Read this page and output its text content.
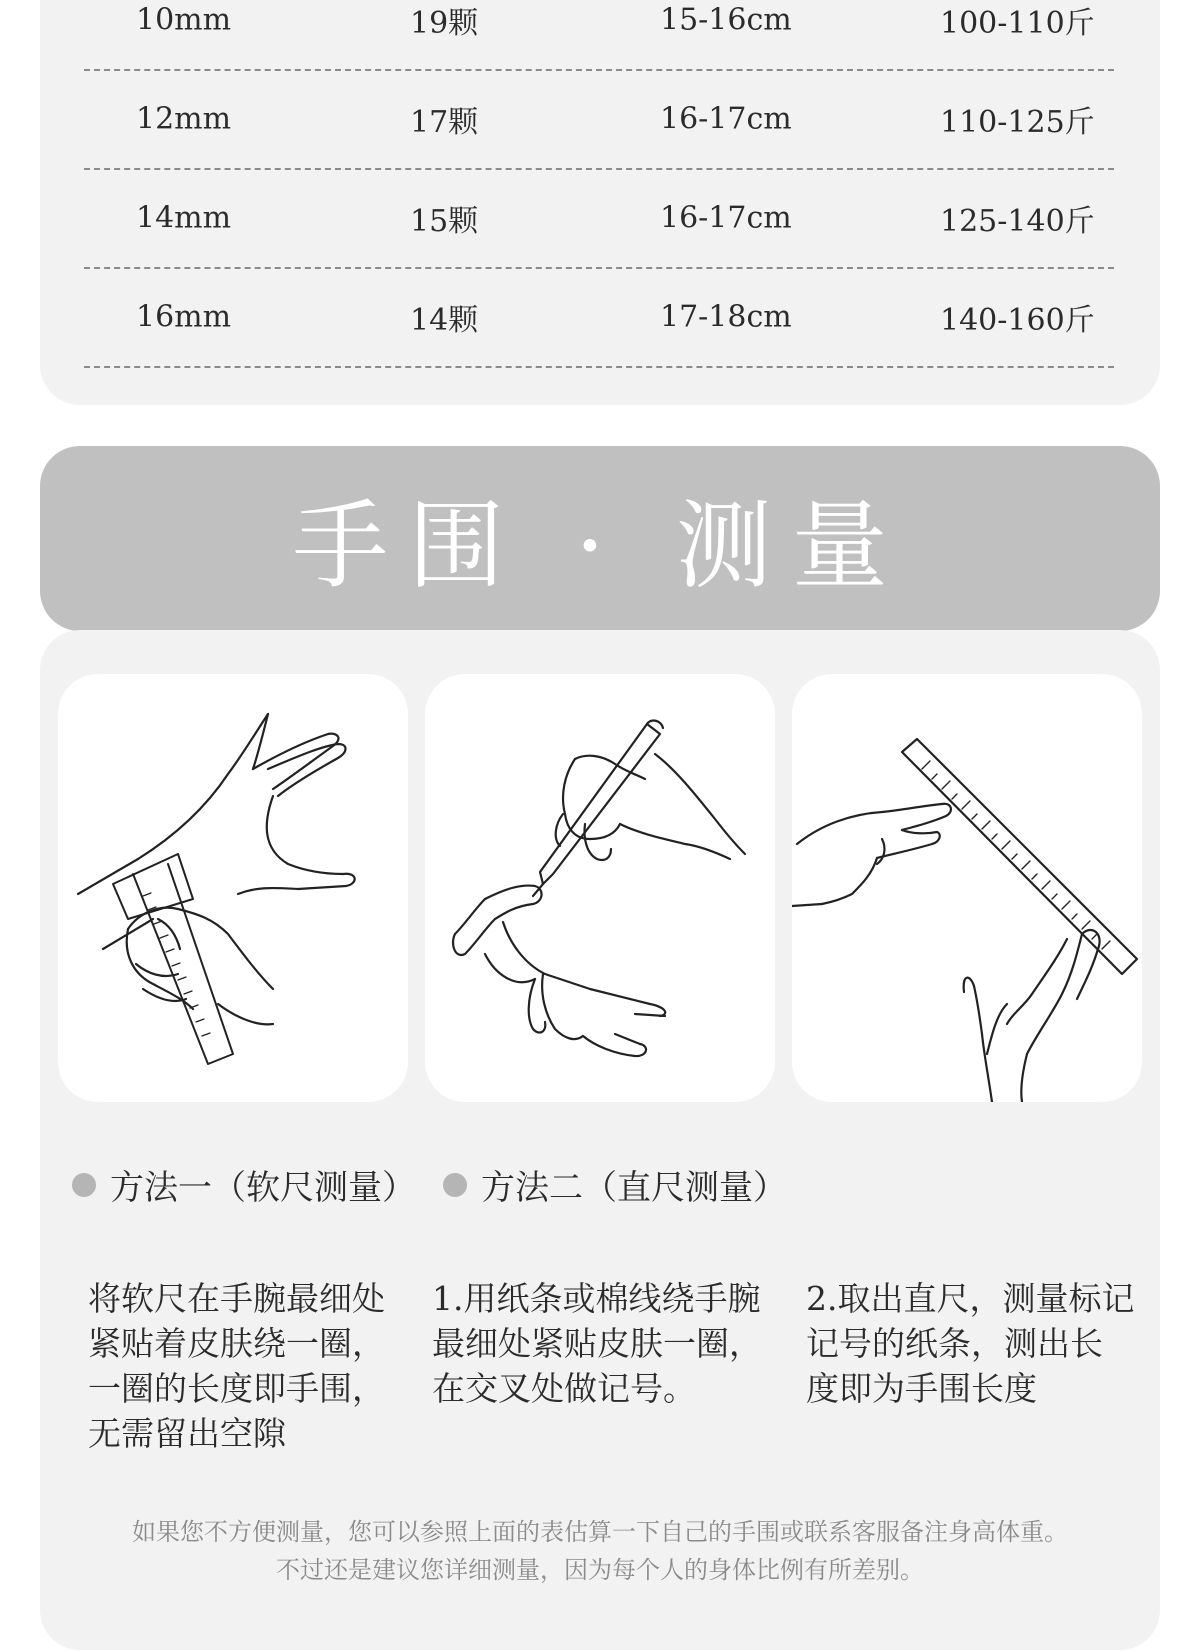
10mm	19颗	15-16cm	100-110斤
12mm	17颗	16-17cm	110-125斤
14mm	15颗	16-17cm	125-140斤
16mm	14颗	17-18cm	140-160斤
手围 · 测量
方法一（软尺测量） 方法二（直尺测量）
将软尺在手腕最细处
紧贴着皮肤绕一圈，
一圈的长度即手围，
无需留出空隙
1.用纸条或棉线绕手腕
最细处紧贴皮肤一圈，
在交叉处做记号。
2.取出直尺，测量标记
记号的纸条，测出长
度即为手围长度
如果您不方便测量，您可以参照上面的表估算一下自己的手围或联系客服备注身高体重。
不过还是建议您详细测量，因为每个人的身体比例有所差别。
